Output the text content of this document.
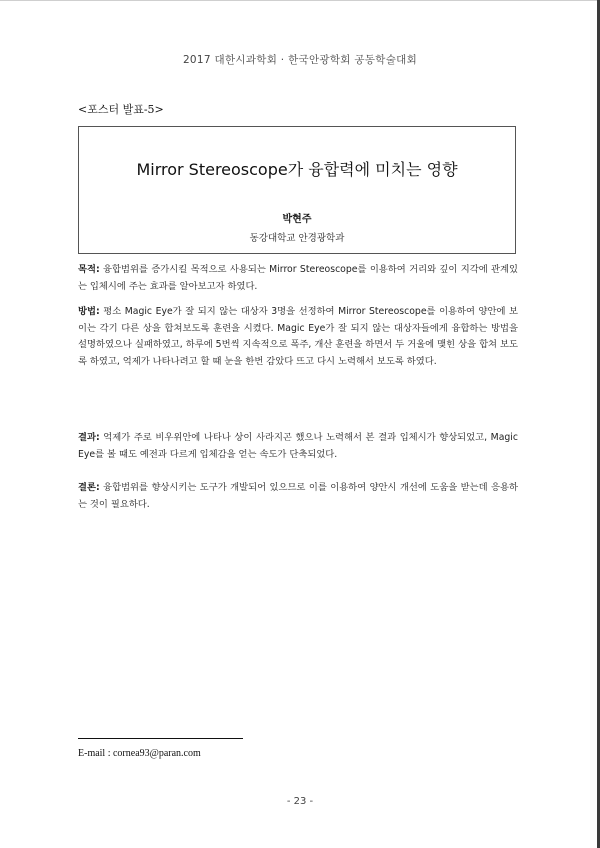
2017 대한시과학회 · 한국안광학회 공동학술대회
<포스터 발표-5>
Mirror Stereoscope가 융합력에 미치는 영향
박현주
동강대학교 안경광학과

목적: 융합범위를 증가시킬 목적으로 사용되는 Mirror Stereoscope를 이용하여 거리와 깊이 지각에 관계있는 입체시에 주는 효과를 알아보고자 하였다.

방법: 평소 Magic Eye가 잘 되지 않는 대상자 3명을 선정하여 Mirror Stereoscope를 이용하여 양안에 보이는 각기 다른 상을 합쳐보도록 훈련을 시켰다. Magic Eye가 잘 되지 않는 대상자들에게 융합하는 방법을 설명하였으나 실패하였고, 하루에 5번씩 지속적으로 폭주, 개산 훈련을 하면서 두 거울에 맺힌 상을 합쳐 보도록 하였고, 억제가 나타나려고 할 때 눈을 한번 감았다 뜨고 다시 노력해서 보도록 하였다.

결과: 억제가 주로 비우위안에 나타나 상이 사라지곤 했으나 노력해서 본 결과 입체시가 향상되었고, Magic Eye를 볼 때도 예전과 다르게 입체감을 얻는 속도가 단축되었다.

결론: 융합범위를 향상시키는 도구가 개발되어 있으므로 이를 이용하여 양안시 개선에 도움을 받는데 응용하는 것이 필요하다.

E-mail : cornea93@paran.com
- 23 -
